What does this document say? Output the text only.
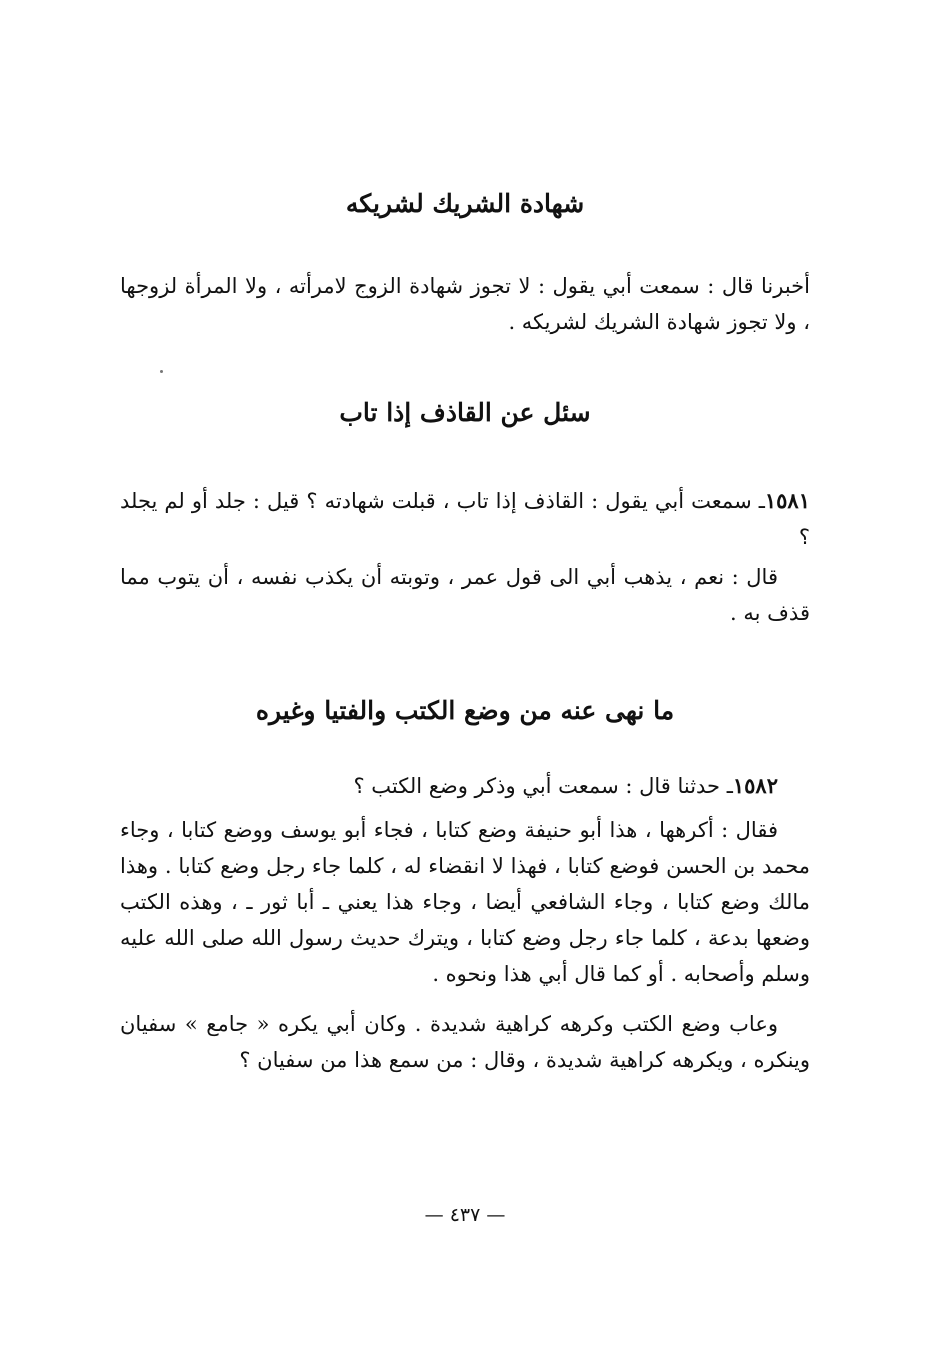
شهادة الشريك لشريكه

أخبرنا قال : سمعت أبي يقول : لا تجوز شهادة الزوج لامرأته ، ولا المرأة لزوجها ، ولا تجوز شهادة الشريك لشريكه .

سئل عن القاذف إذا تاب

١٥٨١ـ سمعت أبي يقول : القاذف إذا تاب ، قبلت شهادته ؟ قيل : جلد أو لم يجلد ؟

قال : نعم ، يذهب أبي الى قول عمر ، وتوبته أن يكذب نفسه ، أن يتوب مما قذف به .

ما نهى عنه من وضع الكتب والفتيا وغيره

١٥٨٢ـ حدثنا قال : سمعت أبي وذكر وضع الكتب ؟

فقال : أكرهها ، هذا أبو حنيفة وضع كتابا ، فجاء أبو يوسف ووضع كتابا ، وجاء محمد بن الحسن فوضع كتابا ، فهذا لا انقضاء له ، كلما جاء رجل وضع كتابا . وهذا مالك وضع كتابا ، وجاء الشافعي أيضا ، وجاء هذا يعني ـ أبا ثور ـ ، وهذه الكتب وضعها بدعة ، كلما جاء رجل وضع كتابا ، ويترك حديث رسول الله صلى الله عليه وسلم وأصحابه . أو كما قال أبي هذا ونحوه .

وعاب وضع الكتب وكرهه كراهية شديدة . وكان أبي يكره « جامع » سفيان وينكره ، ويكرهه كراهية شديدة ، وقال : من سمع هذا من سفيان ؟

— ٤٣٧ —
